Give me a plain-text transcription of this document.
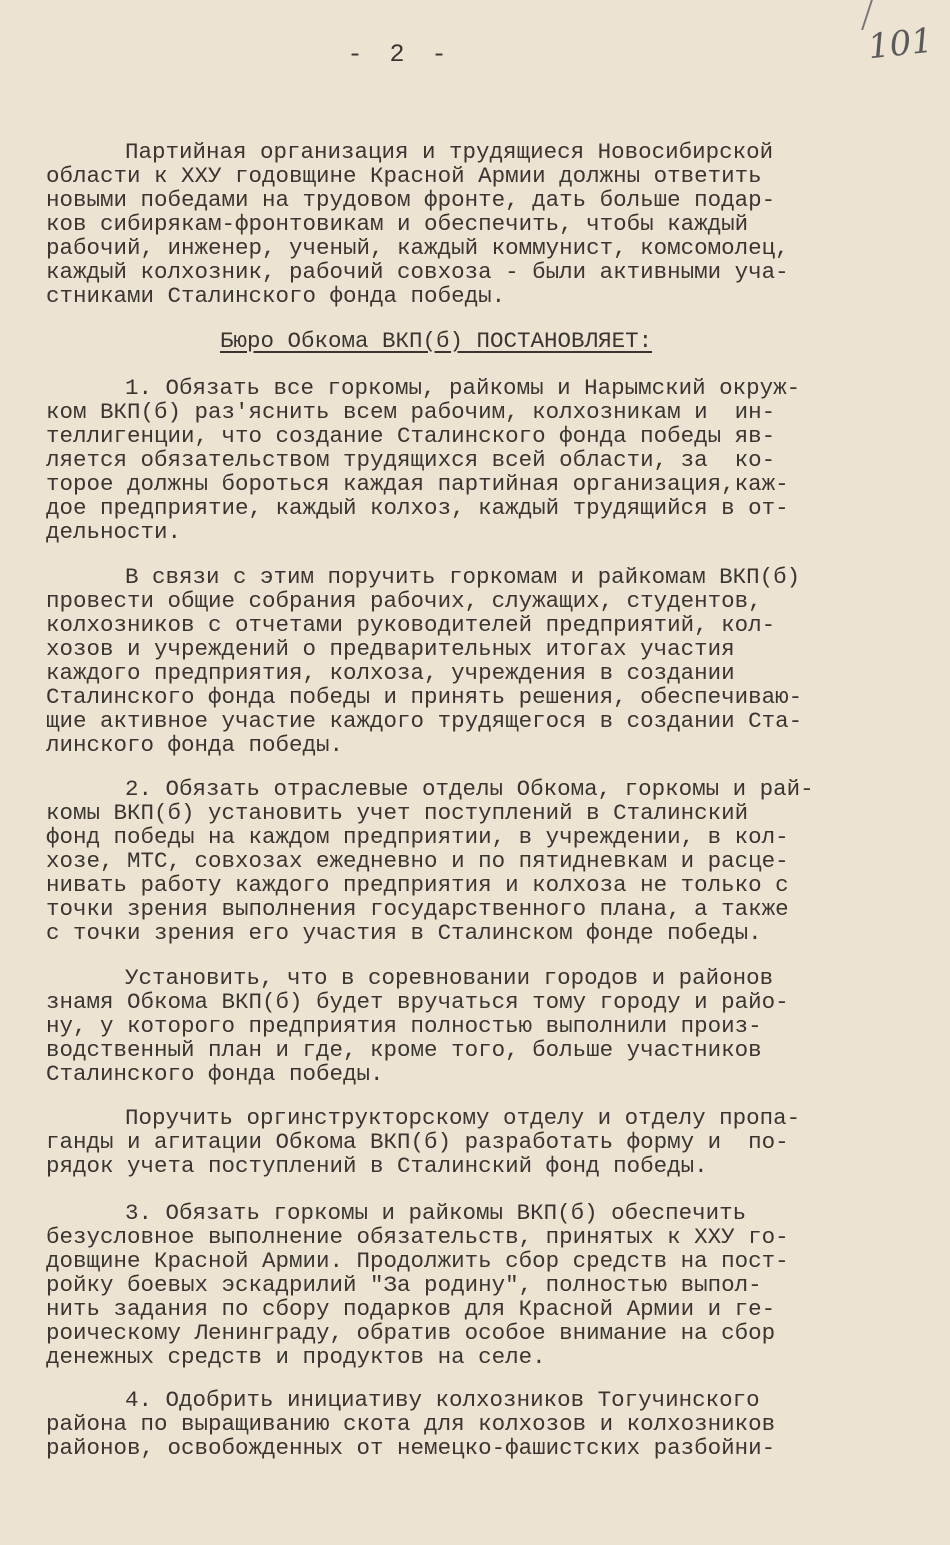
101
- 2 -

Партийная организация и трудящиеся Новосибирской

области к XXУ годовщине Красной Армии должны ответить

новыми победами на трудовом фронте, дать больше подар-

ков сибирякам-фронтовикам и обеспечить, чтобы каждый

рабочий, инженер, ученый, каждый коммунист, комсомолец,

каждый колхозник, рабочий совхоза - были активными уча-

стниками Сталинского фонда победы.

Бюро Обкома ВКП(б) ПОСТАНОВЛЯЕТ:

1. Обязать все горкомы, райкомы и Нарымский окруж-

ком ВКП(б) раз'яснить всем рабочим, колхозникам и  ин-

теллигенции, что создание Сталинского фонда победы яв-

ляется обязательством трудящихся всей области, за  ко-

торое должны бороться каждая партийная организация,каж-

дое предприятие, каждый колхоз, каждый трудящийся в от-

дельности.

В связи с этим поручить горкомам и райкомам ВКП(б)

провести общие собрания рабочих, служащих, студентов,

колхозников с отчетами руководителей предприятий, кол-

хозов и учреждений о предварительных итогах участия

каждого предприятия, колхоза, учреждения в создании

Сталинского фонда победы и принять решения, обеспечиваю-

щие активное участие каждого трудящегося в создании Ста-

линского фонда победы.

2. Обязать отраслевые отделы Обкома, горкомы и рай-

комы ВКП(б) установить учет поступлений в Сталинский

фонд победы на каждом предприятии, в учреждении, в кол-

хозе, МТС, совхозах ежедневно и по пятидневкам и расце-

нивать работу каждого предприятия и колхоза не только с

точки зрения выполнения государственного плана, а также

с точки зрения его участия в Сталинском фонде победы.

Установить, что в соревновании городов и районов

знамя Обкома ВКП(б) будет вручаться тому городу и райо-

ну, у которого предприятия полностью выполнили произ-

водственный план и где, кроме того, больше участников

Сталинского фонда победы.

Поручить оргинструкторскому отделу и отделу пропа-

ганды и агитации Обкома ВКП(б) разработать форму и  по-

рядок учета поступлений в Сталинский фонд победы.

3. Обязать горкомы и райкомы ВКП(б) обеспечить

безусловное выполнение обязательств, принятых к XXУ го-

довщине Красной Армии. Продолжить сбор средств на пост-

ройку боевых эскадрилий "За родину", полностью выпол-

нить задания по сбору подарков для Красной Армии и ге-

роическому Ленинграду, обратив особое внимание на сбор

денежных средств и продуктов на селе.

4. Одобрить инициативу колхозников Тогучинского

района по выращиванию скота для колхозов и колхозников

районов, освобожденных от немецко-фашистских разбойни-
